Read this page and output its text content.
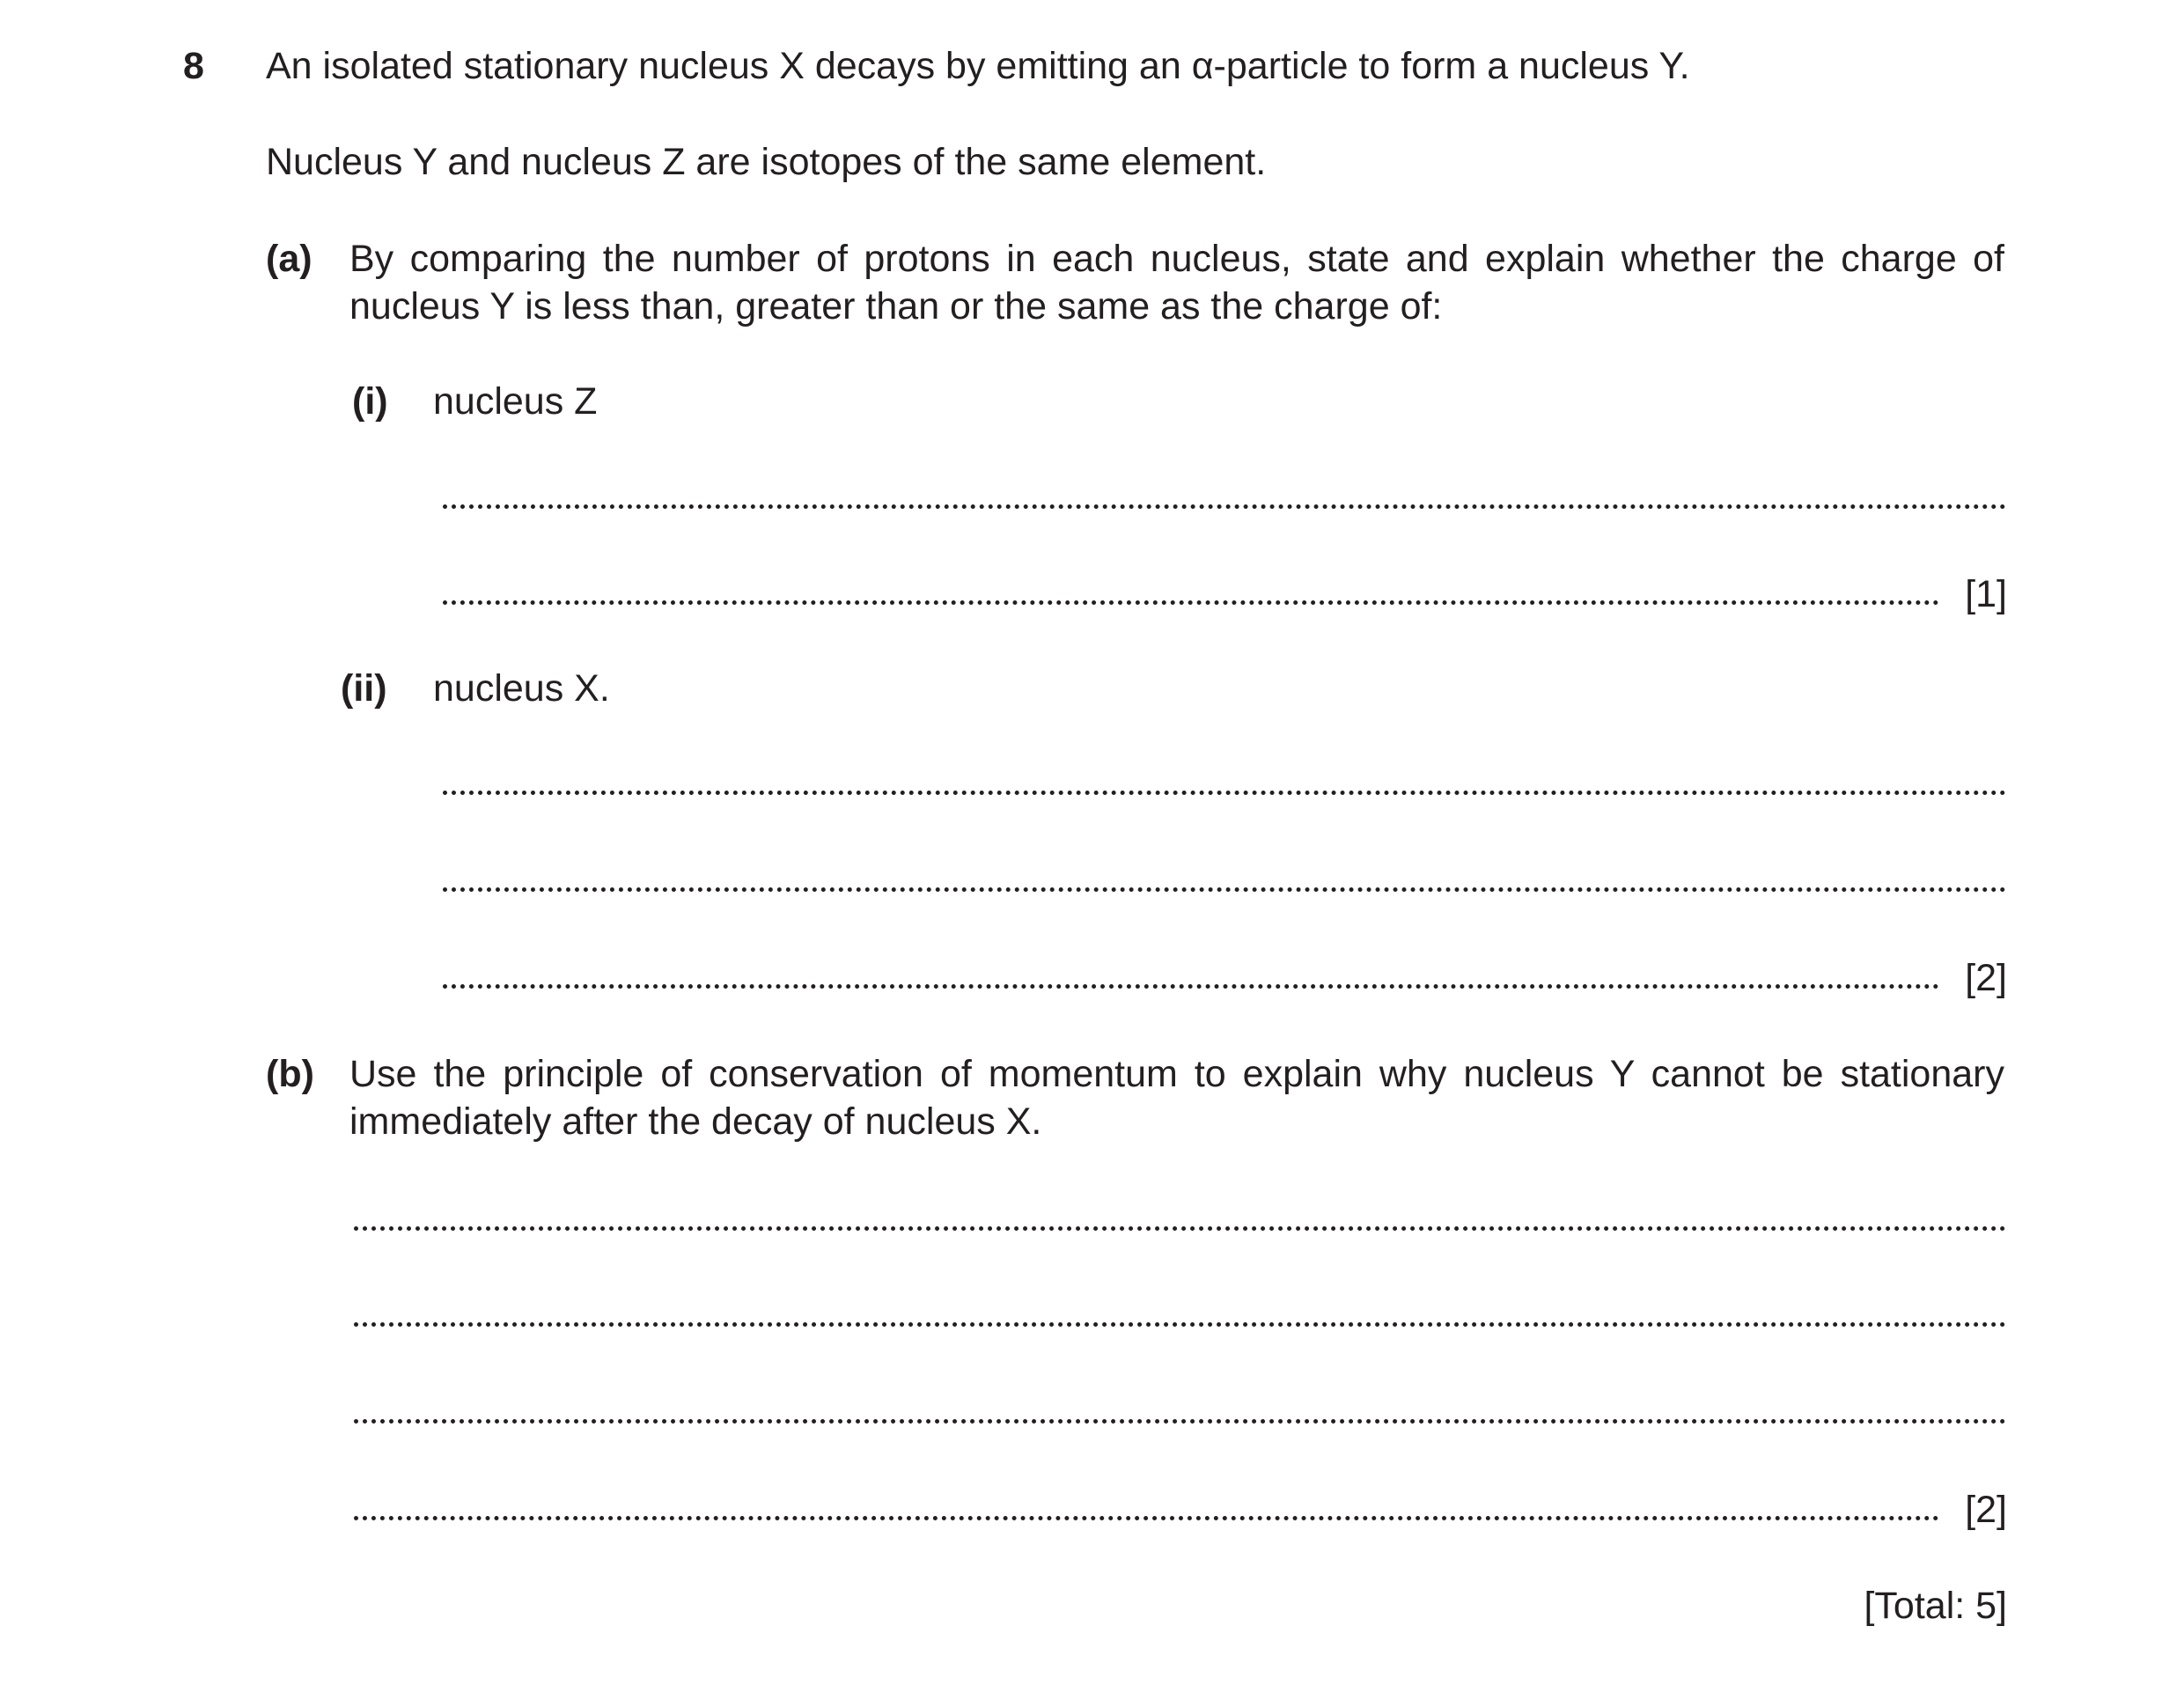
8 An isolated stationary nucleus X decays by emitting an α-particle to form a nucleus Y.
Nucleus Y and nucleus Z are isotopes of the same element.
(a) By comparing the number of protons in each nucleus, state and explain whether the charge of nucleus Y is less than, greater than or the same as the charge of:
(i) nucleus Z
[1]
(ii) nucleus X.
[2]
(b) Use the principle of conservation of momentum to explain why nucleus Y cannot be stationary immediately after the decay of nucleus X.
[2]
[Total: 5]
